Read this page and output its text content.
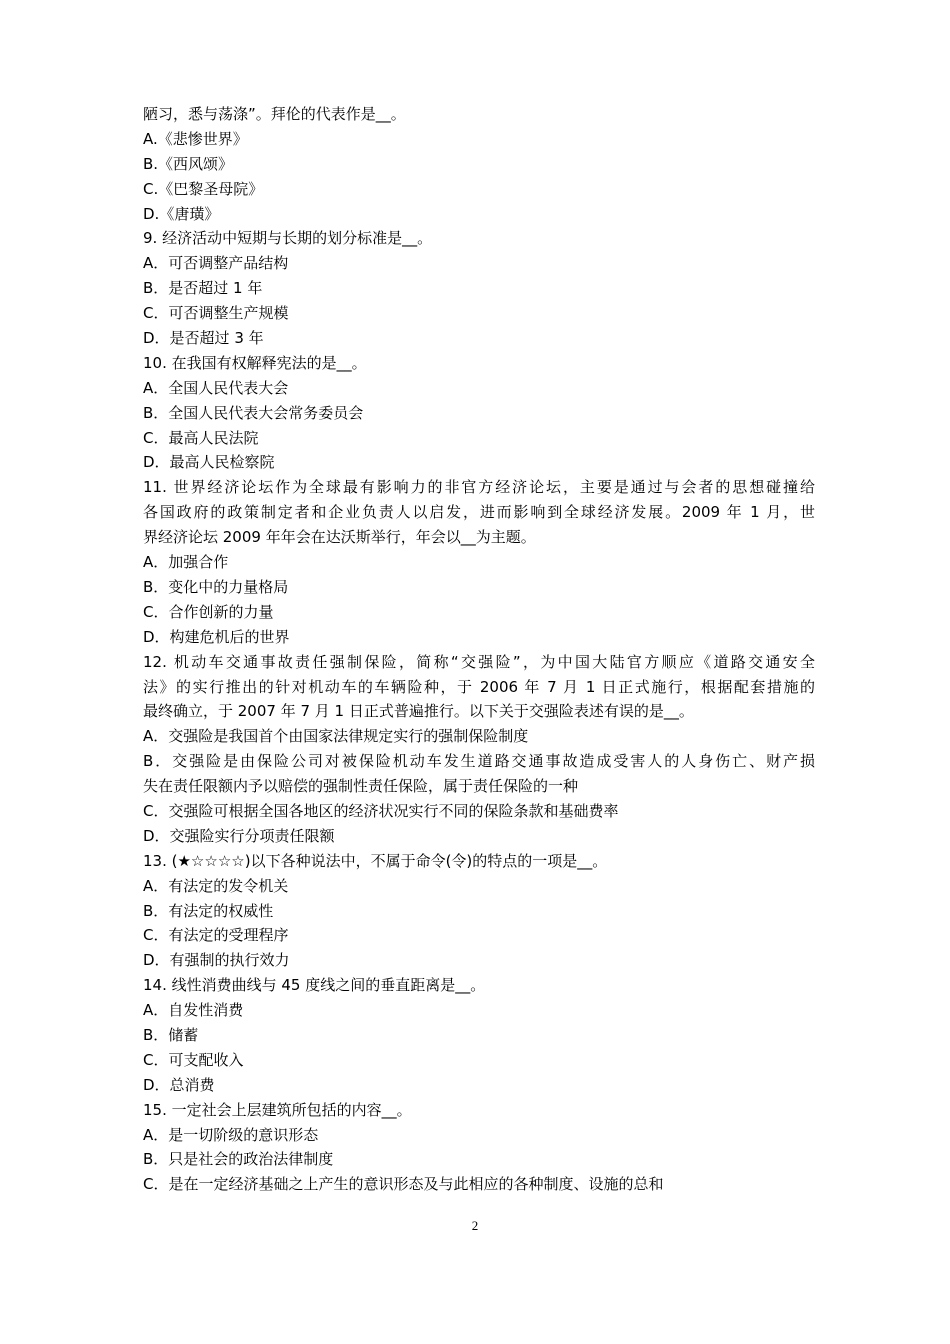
陋习，悉与荡涤”。拜伦的代表作是__。
A.《悲惨世界》
B.《西风颂》
C.《巴黎圣母院》
D.《唐璜》
9. 经济活动中短期与长期的划分标准是__。
A．可否调整产品结构
B．是否超过 1 年
C．可否调整生产规模
D．是否超过 3 年
10. 在我国有权解释宪法的是__。
A．全国人民代表大会
B．全国人民代表大会常务委员会
C．最高人民法院
D．最高人民检察院
11. 世界经济论坛作为全球最有影响力的非官方经济论坛，主要是通过与会者的思想碰撞给
各国政府的政策制定者和企业负责人以启发，进而影响到全球经济发展。2009 年 1 月，世
界经济论坛 2009 年年会在达沃斯举行，年会以__为主题。
A．加强合作
B．变化中的力量格局
C．合作创新的力量
D．构建危机后的世界
12. 机动车交通事故责任强制保险，简称“交强险”，为中国大陆官方顺应《道路交通安全
法》的实行推出的针对机动车的车辆险种，于 2006 年 7 月 1 日正式施行，根据配套措施的
最终确立，于 2007 年 7 月 1 日正式普遍推行。以下关于交强险表述有误的是__。
A．交强险是我国首个由国家法律规定实行的强制保险制度
B．交强险是由保险公司对被保险机动车发生道路交通事故造成受害人的人身伤亡、财产损
失在责任限额内予以赔偿的强制性责任保险，属于责任保险的一种
C．交强险可根据全国各地区的经济状况实行不同的保险条款和基础费率
D．交强险实行分项责任限额
13. (★☆☆☆☆)以下各种说法中，不属于命令(令)的特点的一项是__。
A．有法定的发令机关
B．有法定的权威性
C．有法定的受理程序
D．有强制的执行效力
14. 线性消费曲线与 45 度线之间的垂直距离是__。
A．自发性消费
B．储蓄
C．可支配收入
D．总消费
15. 一定社会上层建筑所包括的内容__。
A．是一切阶级的意识形态
B．只是社会的政治法律制度
C．是在一定经济基础之上产生的意识形态及与此相应的各种制度、设施的总和
2
